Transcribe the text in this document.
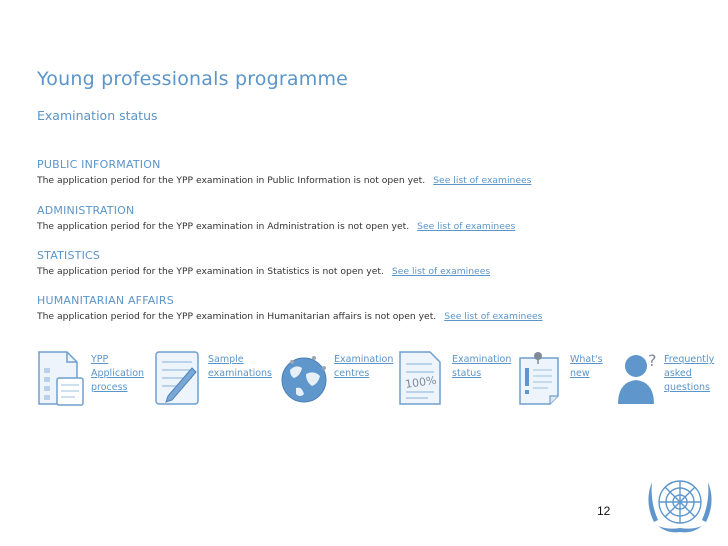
Young professionals programme
Examination status
PUBLIC INFORMATION
The application period for the YPP examination in Public Information is not open yet. See list of examinees
ADMINISTRATION
The application period for the YPP examination in Administration is not open yet. See list of examinees
STATISTICS
The application period for the YPP examination in Statistics is not open yet. See list of examinees
HUMANITARIAN AFFAIRS
The application period for the YPP examination in Humanitarian affairs is not open yet. See list of examinees
YPP
Application
process
Sample
examinations
Examination
centres
100%
Examination
status
What's
new
? Frequently
asked
questions
12
